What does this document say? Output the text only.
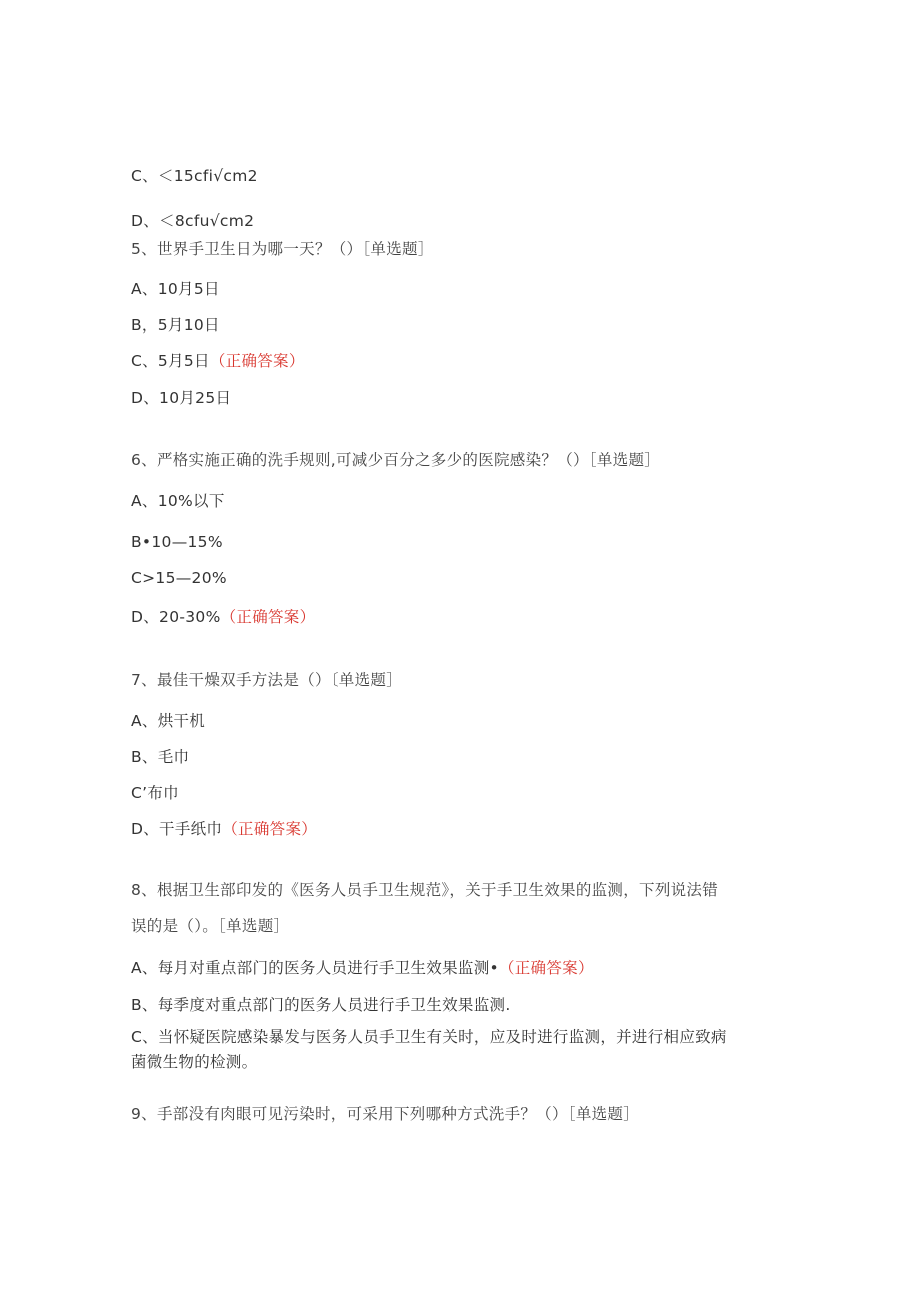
C、＜15cfi√cm2
D、＜8cfu√cm2
5、世界手卫生日为哪一天？（）［单选题］
A、10月5日
B，5月10日
C、5月5日（正确答案）
D、10月25日
6、严格实施正确的洗手规则,可减少百分之多少的医院感染？（）［单选题］
A、10%以下
B•10—15%
C>15—20%
D、20-30%（正确答案）
7、最佳干燥双手方法是（）〔单选题］
A、烘干机
B、毛巾
C’布巾
D、干手纸巾（正确答案）
8、根据卫生部印发的《医务人员手卫生规范》，关于手卫生效果的监测，下列说法错
误的是（）。［单选题］
A、每月对重点部门的医务人员进行手卫生效果监测•（正确答案）
B、每季度对重点部门的医务人员进行手卫生效果监测.
C、当怀疑医院感染暴发与医务人员手卫生有关时，应及时进行监测，并进行相应致病
菌微生物的检测。
9、手部没有肉眼可见污染时，可采用下列哪种方式洗手？（）［单选题］
